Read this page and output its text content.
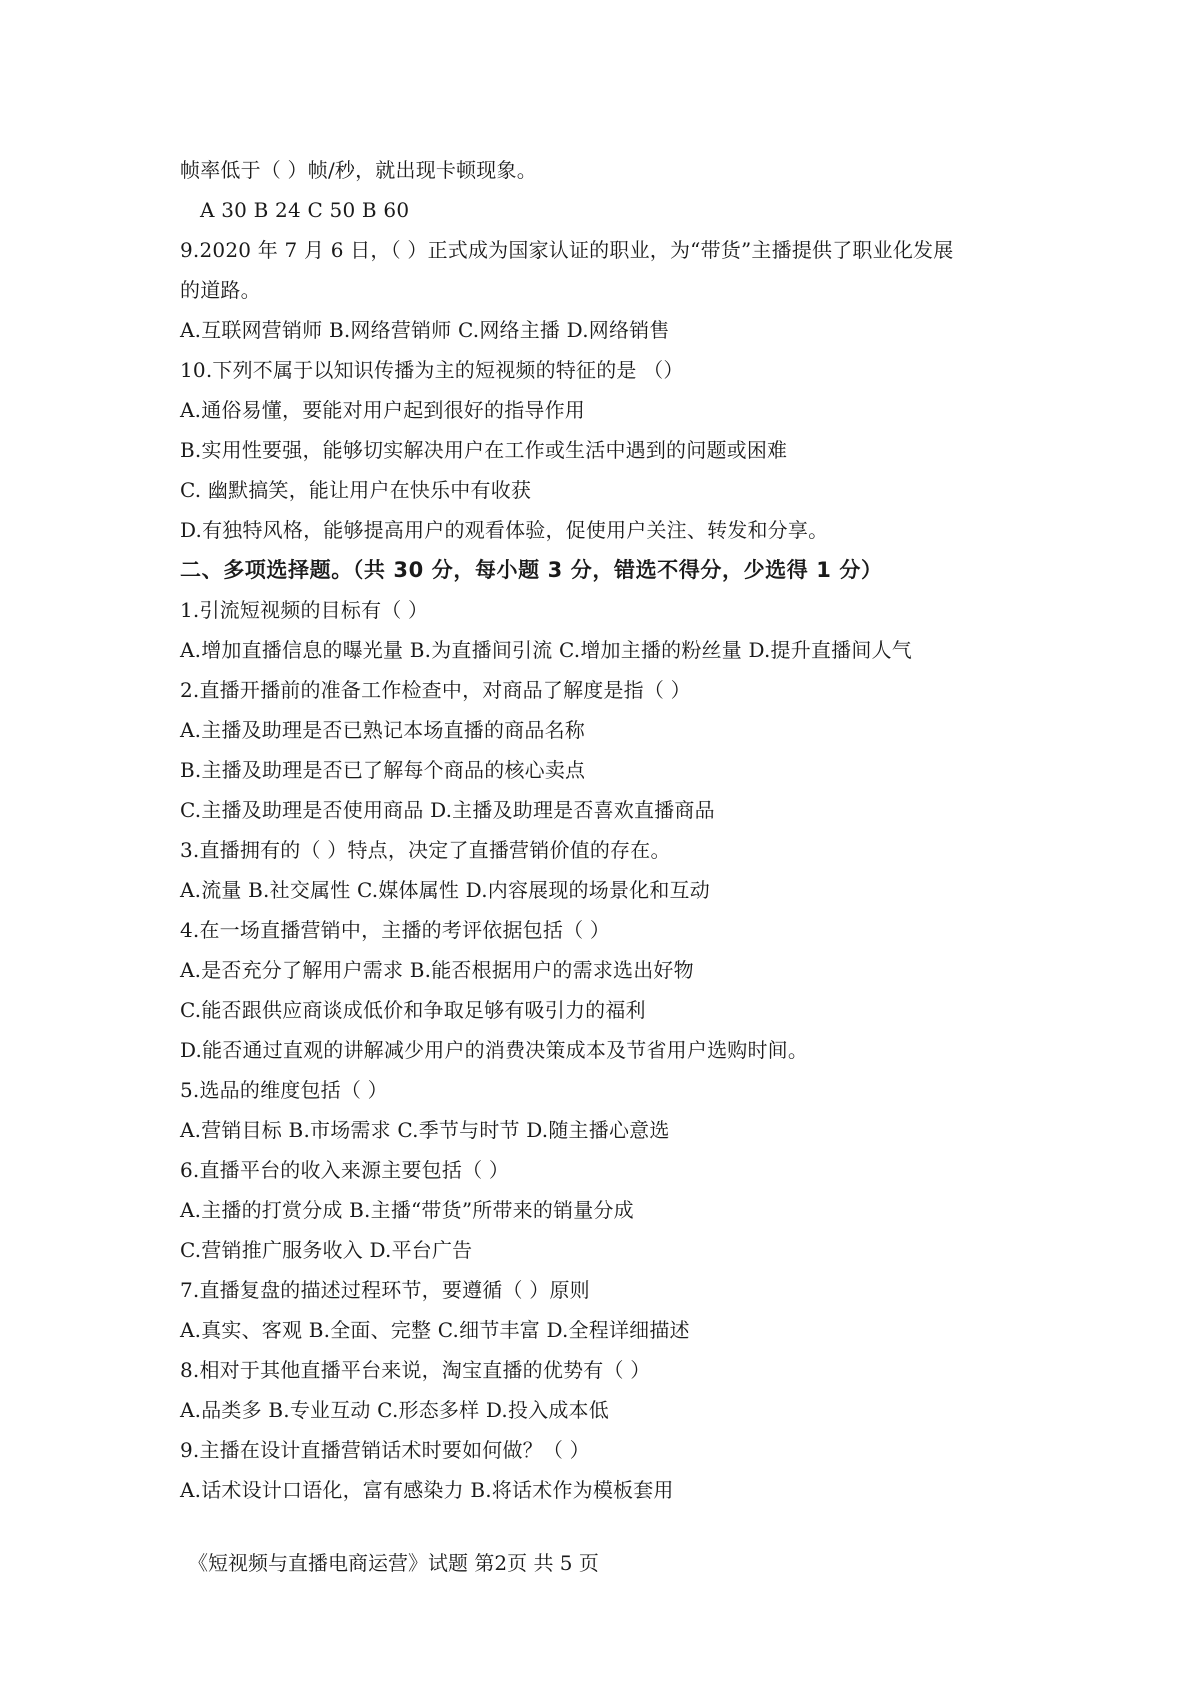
帧率低于（ ）帧/秒，就出现卡顿现象。
A 30 B 24 C 50 B 60
9.2020 年 7 月 6 日，（ ）正式成为国家认证的职业，为“带货”主播提供了职业化发展
的道路。
A.互联网营销师 B.网络营销师 C.网络主播 D.网络销售
10.下列不属于以知识传播为主的短视频的特征的是 （）
A.通俗易懂，要能对用户起到很好的指导作用
B.实用性要强，能够切实解决用户在工作或生活中遇到的问题或困难
C. 幽默搞笑，能让用户在快乐中有收获
D.有独特风格，能够提高用户的观看体验，促使用户关注、转发和分享。
二、多项选择题。（共 30 分，每小题 3 分，错选不得分，少选得 1 分）
1.引流短视频的目标有（ ）
A.增加直播信息的曝光量 B.为直播间引流 C.增加主播的粉丝量 D.提升直播间人气
2.直播开播前的准备工作检查中，对商品了解度是指（ ）
A.主播及助理是否已熟记本场直播的商品名称
B.主播及助理是否已了解每个商品的核心卖点
C.主播及助理是否使用商品 D.主播及助理是否喜欢直播商品
3.直播拥有的（ ）特点，决定了直播营销价值的存在。
A.流量 B.社交属性 C.媒体属性 D.内容展现的场景化和互动
4.在一场直播营销中，主播的考评依据包括（ ）
A.是否充分了解用户需求 B.能否根据用户的需求选出好物
C.能否跟供应商谈成低价和争取足够有吸引力的福利
D.能否通过直观的讲解减少用户的消费决策成本及节省用户选购时间。
5.选品的维度包括（ ）
A.营销目标 B.市场需求 C.季节与时节 D.随主播心意选
6.直播平台的收入来源主要包括（ ）
A.主播的打赏分成 B.主播“带货”所带来的销量分成
C.营销推广服务收入 D.平台广告
7.直播复盘的描述过程环节，要遵循（ ）原则
A.真实、客观 B.全面、完整 C.细节丰富 D.全程详细描述
8.相对于其他直播平台来说，淘宝直播的优势有（ ）
A.品类多 B.专业互动 C.形态多样 D.投入成本低
9.主播在设计直播营销话术时要如何做？（ ）
A.话术设计口语化，富有感染力 B.将话术作为模板套用
《短视频与直播电商运营》试题 第2页 共 5 页
